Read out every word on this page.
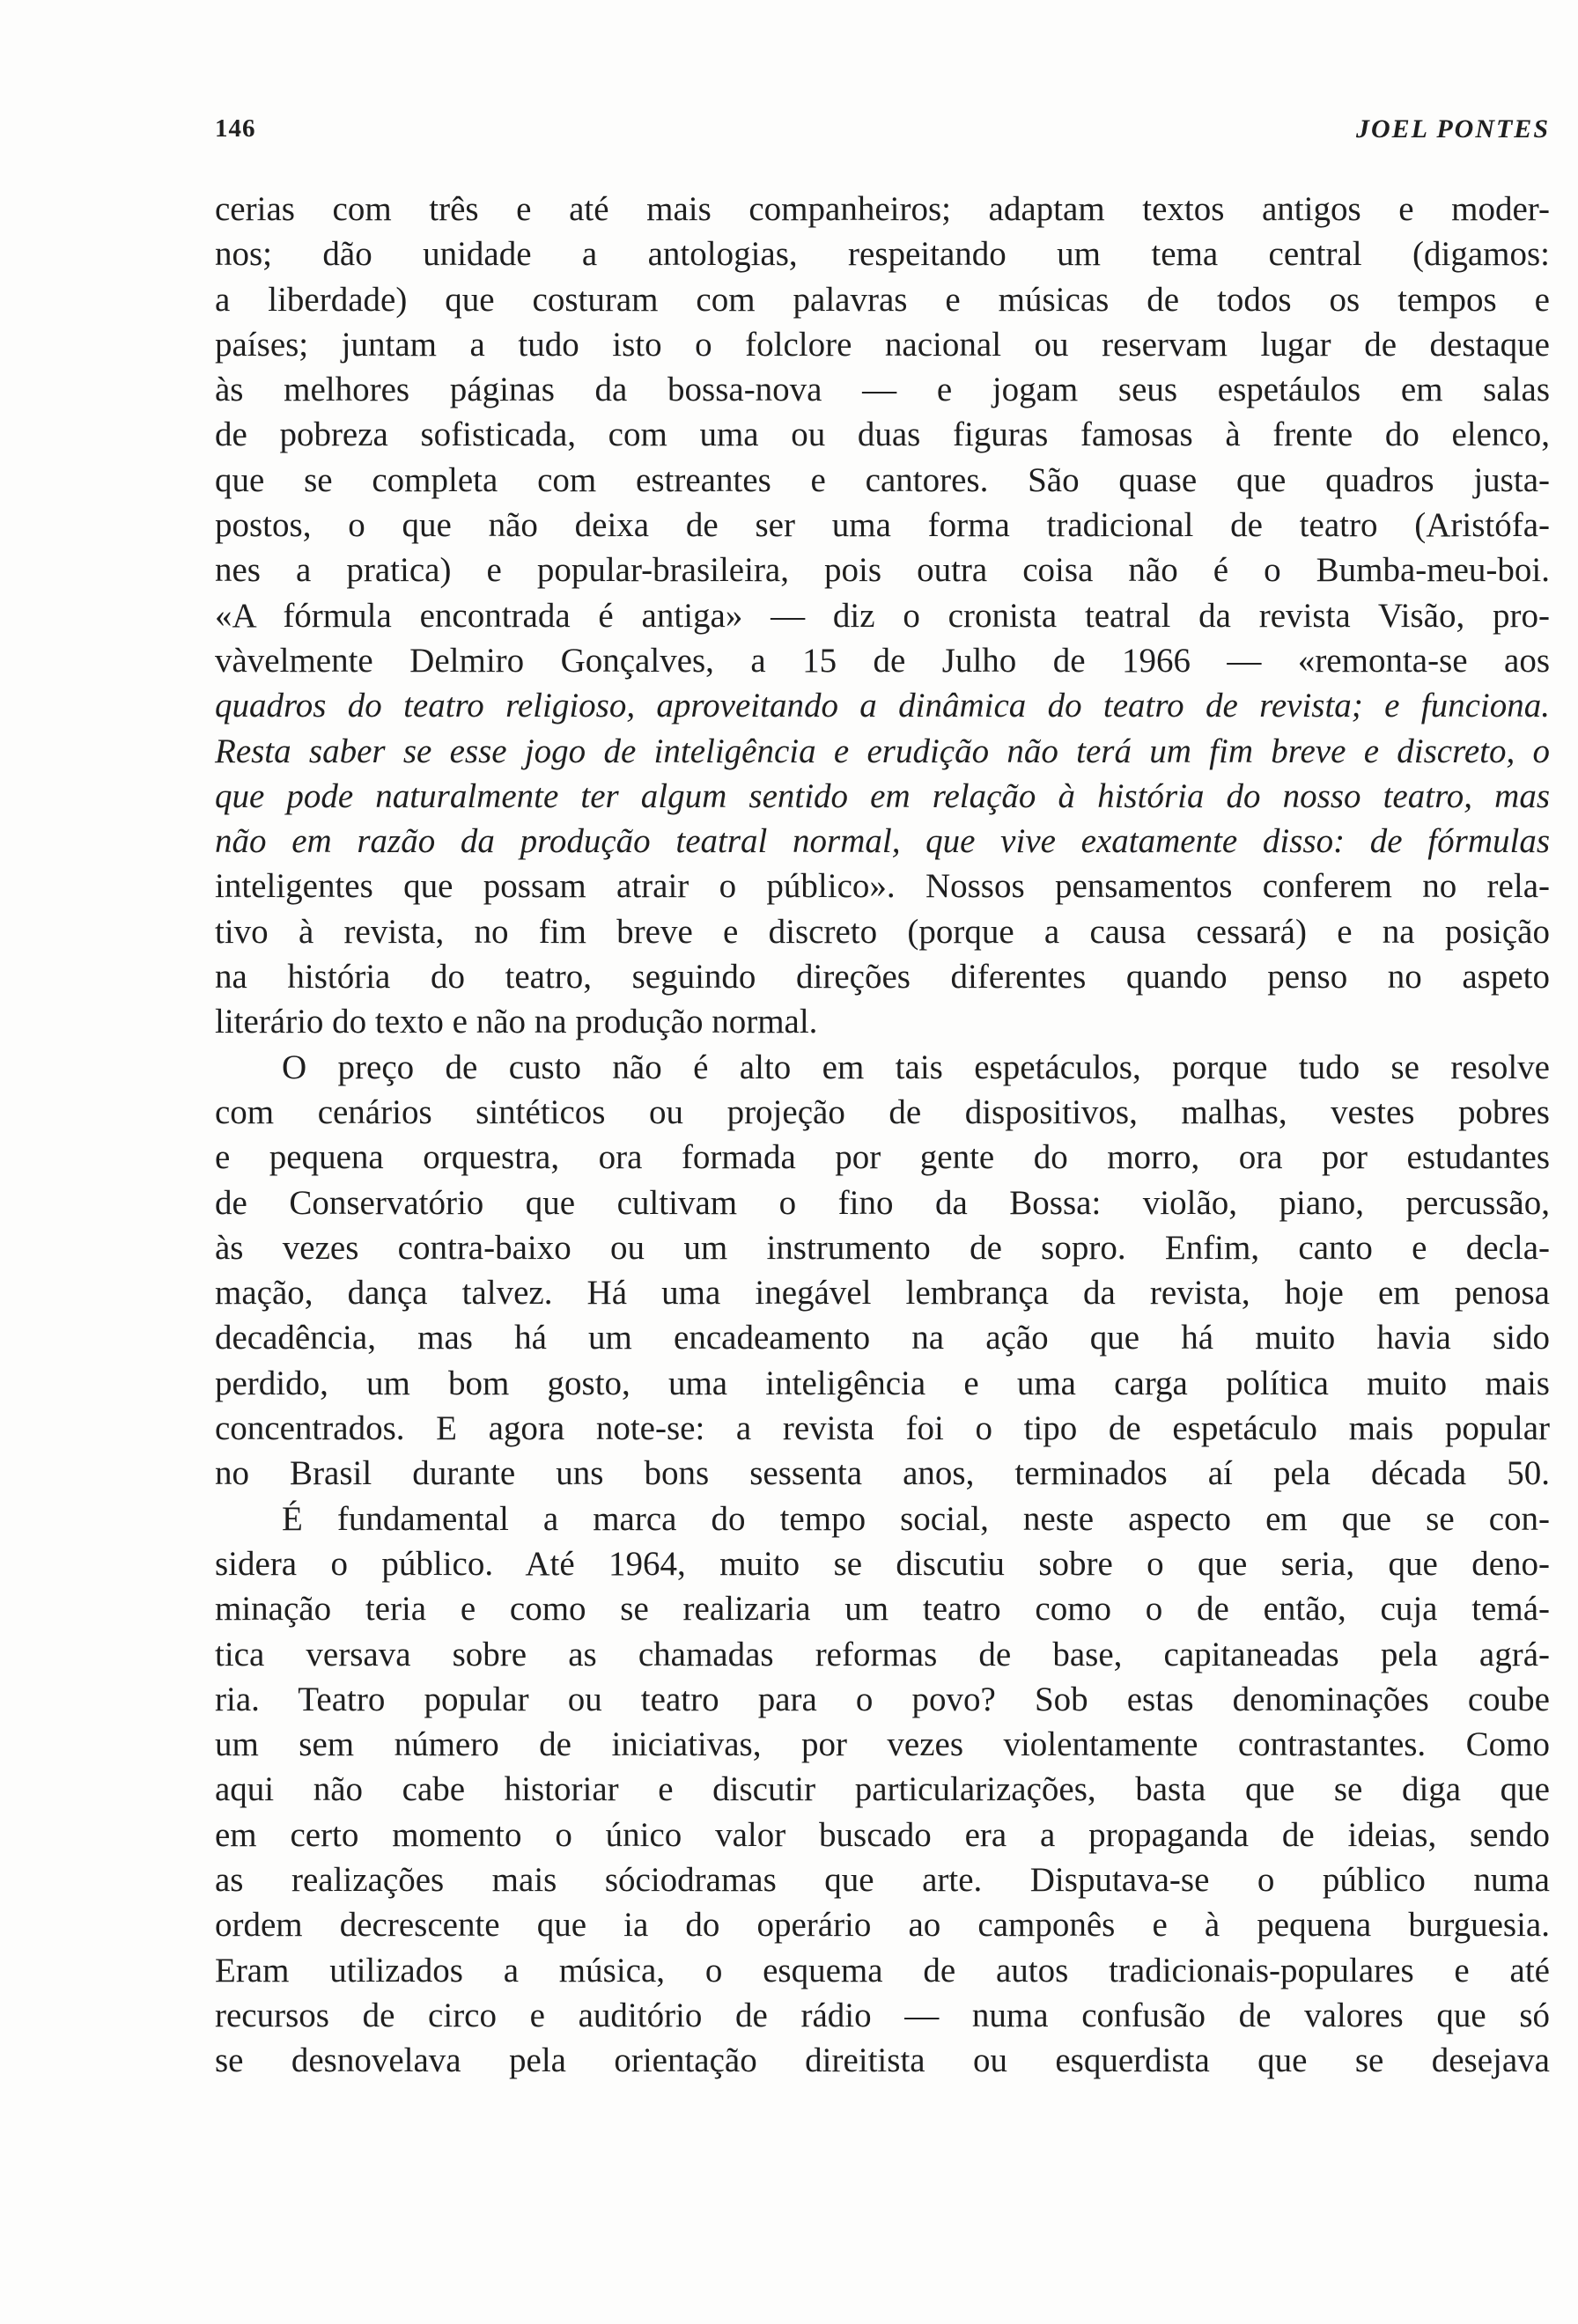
146	JOEL PONTES
cerias com três e até mais companheiros; adaptam textos antigos e moder-
nos; dão unidade a antologias, respeitando um tema central (digamos:
a liberdade) que costuram com palavras e músicas de todos os tempos e
países; juntam a tudo isto o folclore nacional ou reservam lugar de destaque
às melhores páginas da bossa-nova — e jogam seus espetáulos em salas
de pobreza sofisticada, com uma ou duas figuras famosas à frente do elenco,
que se completa com estreantes e cantores. São quase que quadros justa-
postos, o que não deixa de ser uma forma tradicional de teatro (Aristófa-
nes a pratica) e popular-brasileira, pois outra coisa não é o Bumba-meu-boi.
«A fórmula encontrada é antiga» — diz o cronista teatral da revista Visão, pro-
vàvelmente Delmiro Gonçalves, a 15 de Julho de 1966 — «remonta-se aos
quadros do teatro religioso, aproveitando a dinâmica do teatro de revista; e funciona.
Resta saber se esse jogo de inteligência e erudição não terá um fim breve e discreto, o
que pode naturalmente ter algum sentido em relação à história do nosso teatro, mas
não em razão da produção teatral normal, que vive exatamente disso: de fórmulas
inteligentes que possam atrair o público». Nossos pensamentos conferem no rela-
tivo à revista, no fim breve e discreto (porque a causa cessará) e na posição
na história do teatro, seguindo direções diferentes quando penso no aspeto
literário do texto e não na produção normal.
O preço de custo não é alto em tais espetáculos, porque tudo se resolve
com cenários sintéticos ou projeção de dispositivos, malhas, vestes pobres
e pequena orquestra, ora formada por gente do morro, ora por estudantes
de Conservatório que cultivam o fino da Bossa: violão, piano, percussão,
às vezes contra-baixo ou um instrumento de sopro. Enfim, canto e decla-
mação, dança talvez. Há uma inegável lembrança da revista, hoje em penosa
decadência, mas há um encadeamento na ação que há muito havia sido
perdido, um bom gosto, uma inteligência e uma carga política muito mais
concentrados. E agora note-se: a revista foi o tipo de espetáculo mais popular
no Brasil durante uns bons sessenta anos, terminados aí pela década 50.
É fundamental a marca do tempo social, neste aspecto em que se con-
sidera o público. Até 1964, muito se discutiu sobre o que seria, que deno-
minação teria e como se realizaria um teatro como o de então, cuja temá-
tica versava sobre as chamadas reformas de base, capitaneadas pela agrá-
ria. Teatro popular ou teatro para o povo? Sob estas denominações coube
um sem número de iniciativas, por vezes violentamente contrastantes. Como
aqui não cabe historiar e discutir particularizações, basta que se diga que
em certo momento o único valor buscado era a propaganda de ideias, sendo
as realizações mais sóciodramas que arte. Disputava-se o público numa
ordem decrescente que ia do operário ao camponês e à pequena burguesia.
Eram utilizados a música, o esquema de autos tradicionais-populares e até
recursos de circo e auditório de rádio — numa confusão de valores que só
se desnovelava pela orientação direitista ou esquerdista que se desejava
